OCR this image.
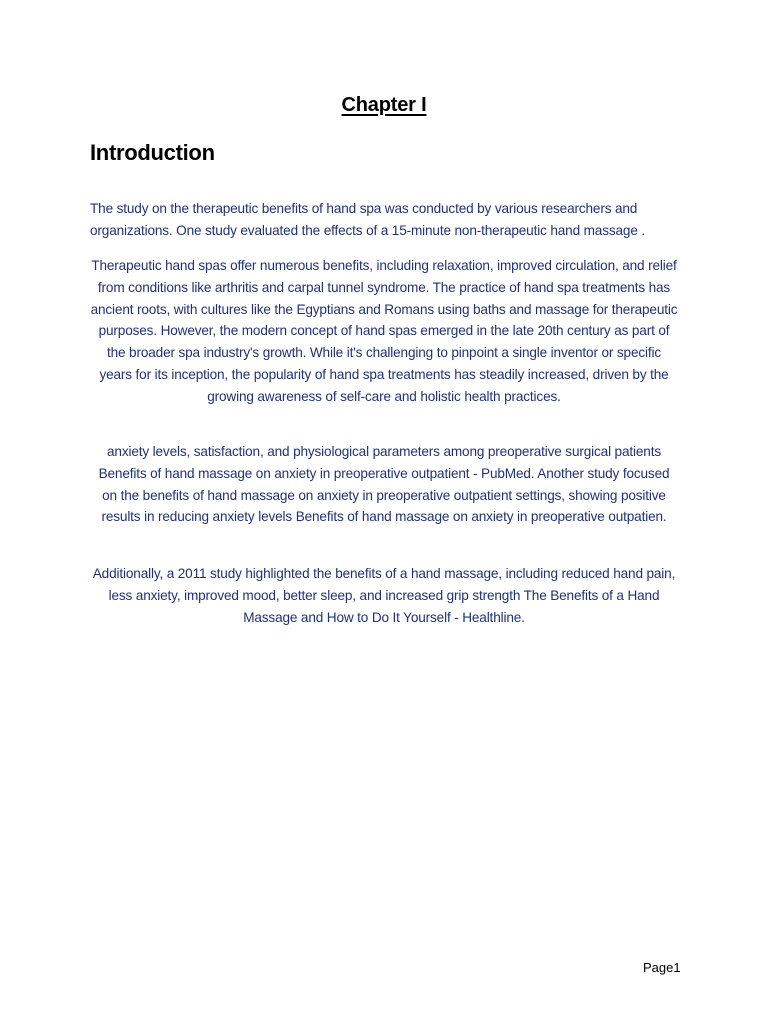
Chapter I
Introduction

The study on the therapeutic benefits of hand spa was conducted by various researchers and organizations. One study evaluated the effects of a 15-minute non-therapeutic hand massage .

Therapeutic hand spas offer numerous benefits, including relaxation, improved circulation, and relief from conditions like arthritis and carpal tunnel syndrome. The practice of hand spa treatments has ancient roots, with cultures like the Egyptians and Romans using baths and massage for therapeutic purposes. However, the modern concept of hand spas emerged in the late 20th century as part of the broader spa industry's growth. While it's challenging to pinpoint a single inventor or specific years for its inception, the popularity of hand spa treatments has steadily increased, driven by the growing awareness of self-care and holistic health practices.

anxiety levels, satisfaction, and physiological parameters among preoperative surgical patients Benefits of hand massage on anxiety in preoperative outpatient - PubMed. Another study focused on the benefits of hand massage on anxiety in preoperative outpatient settings, showing positive results in reducing anxiety levels Benefits of hand massage on anxiety in preoperative outpatien.

Additionally, a 2011 study highlighted the benefits of a hand massage, including reduced hand pain, less anxiety, improved mood, better sleep, and increased grip strength The Benefits of a Hand Massage and How to Do It Yourself - Healthline.

Page1
